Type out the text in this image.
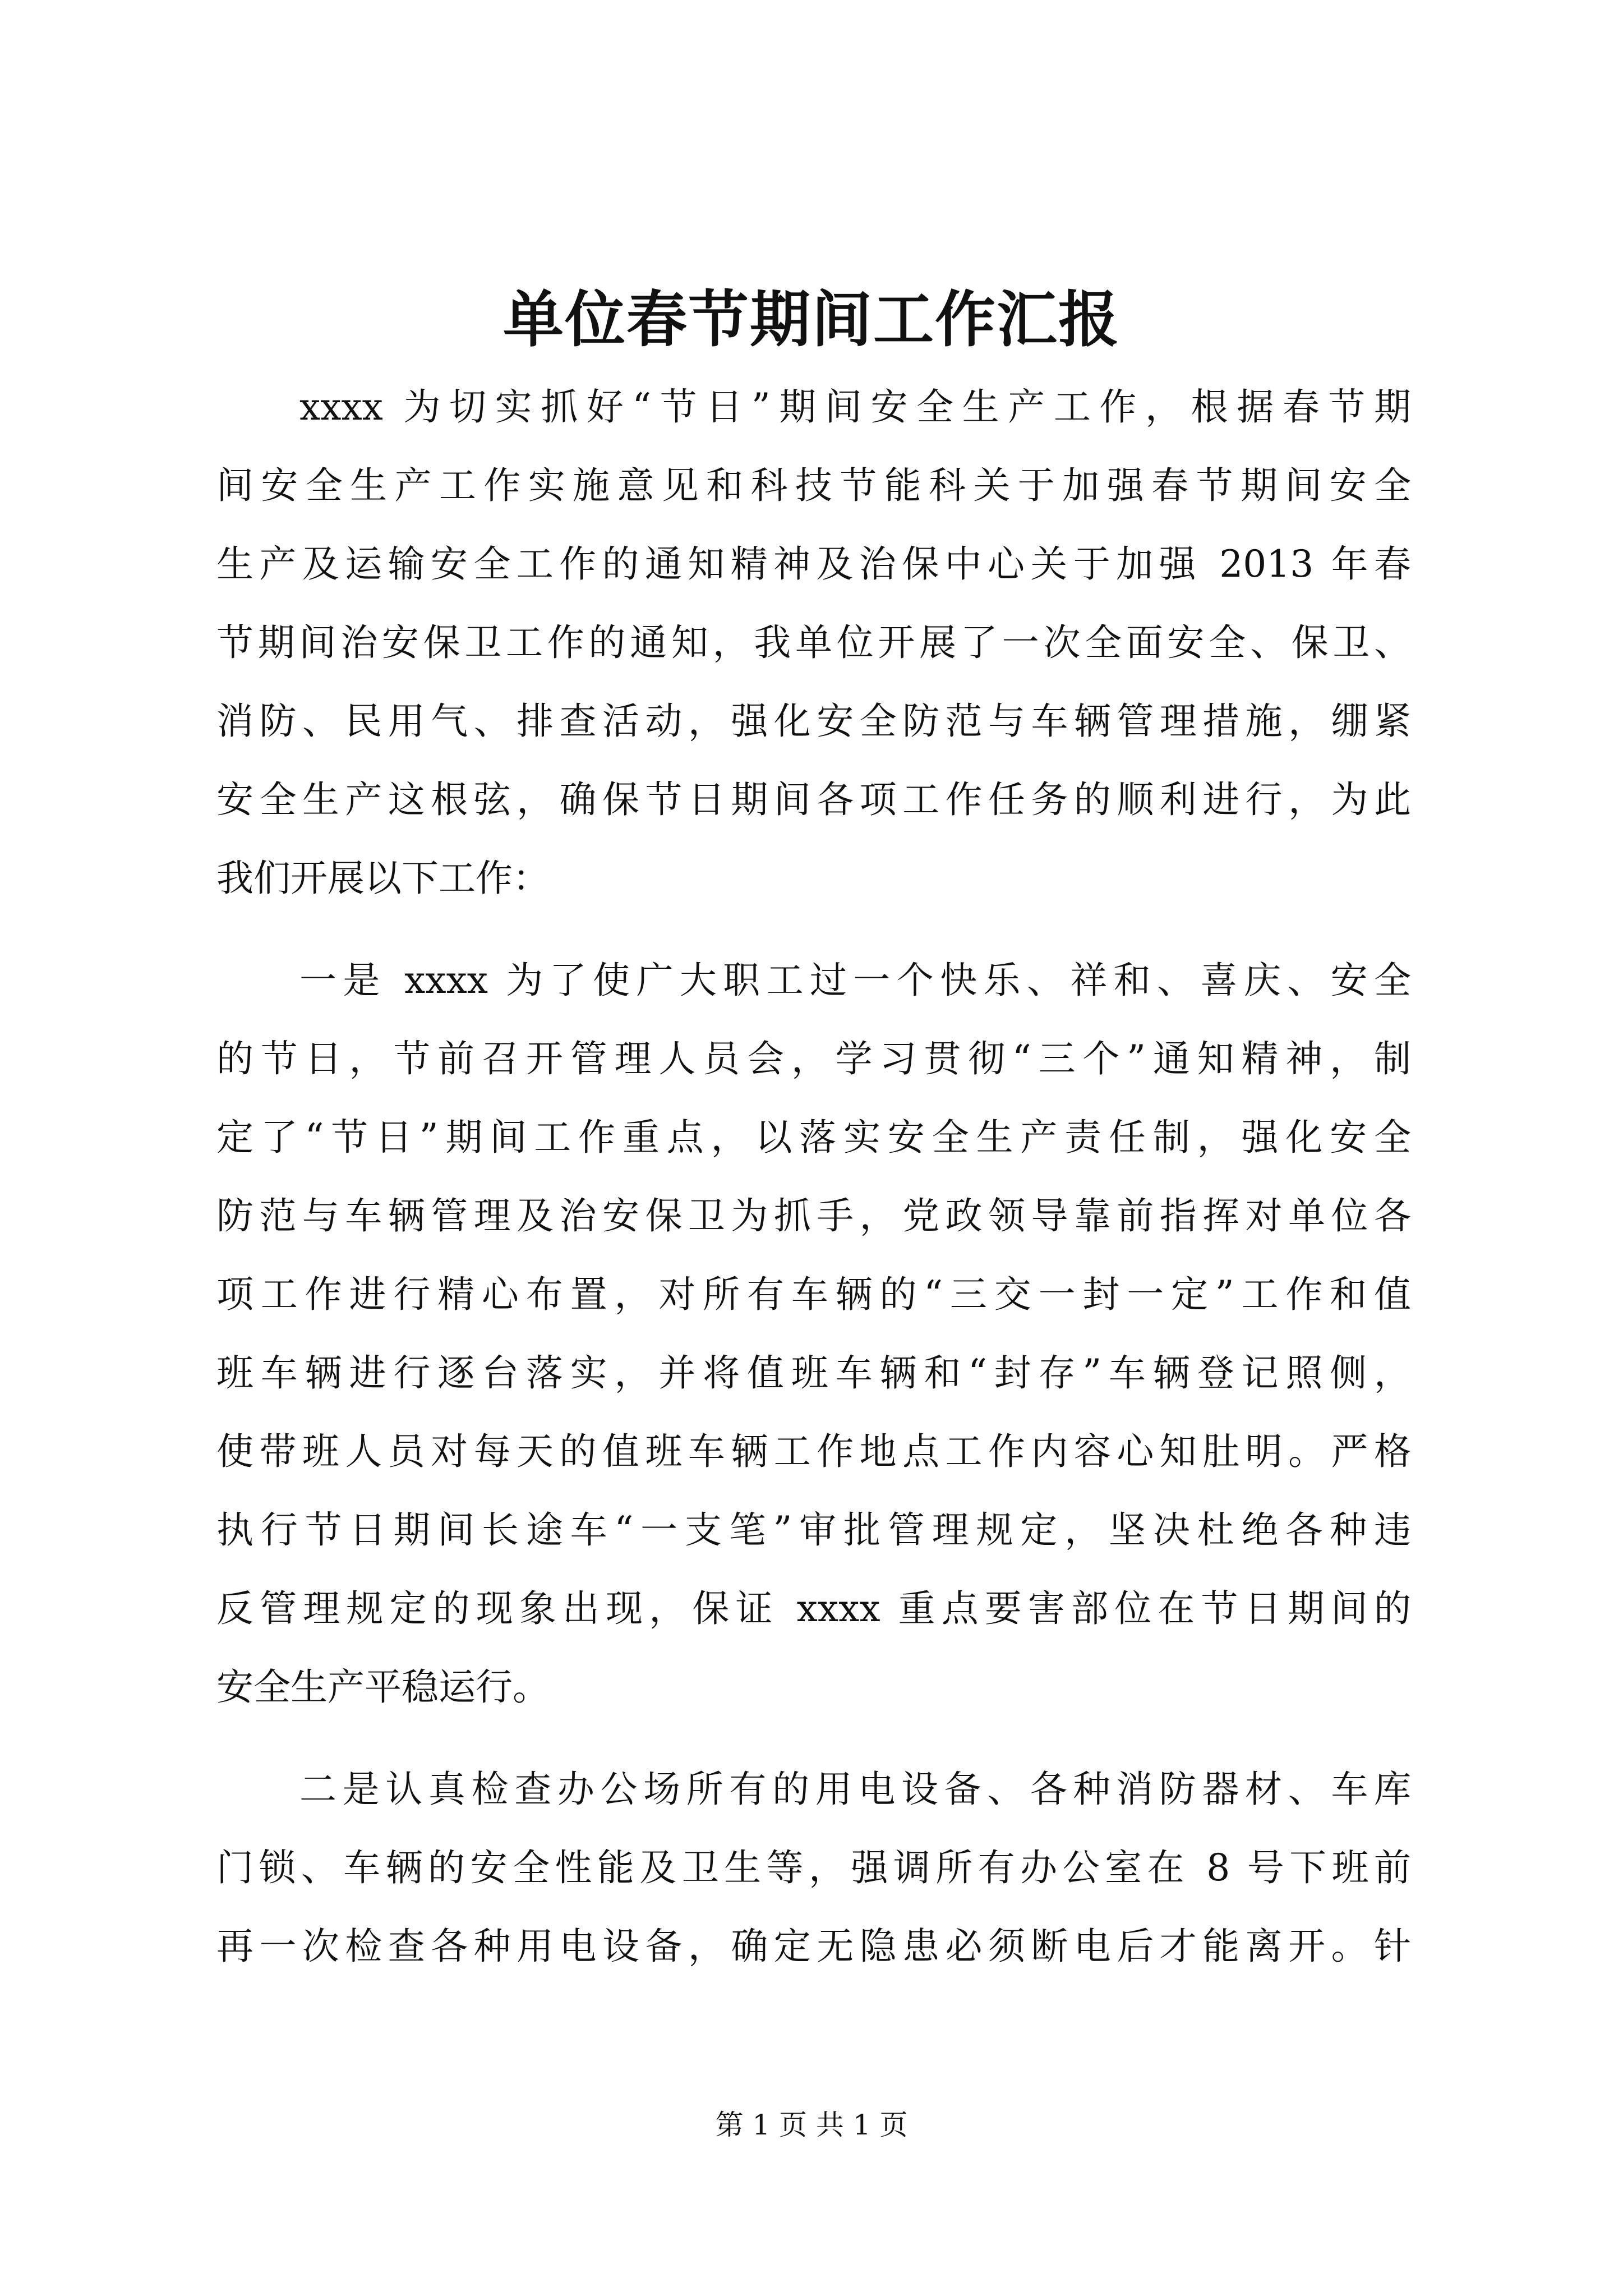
单位春节期间工作汇报
xxxx 为切实抓好“节日”期间安全生产工作，根据春节期
间安全生产工作实施意见和科技节能科关于加强春节期间安全
生产及运输安全工作的通知精神及治保中心关于加强 2013 年春
节期间治安保卫工作的通知，我单位开展了一次全面安全、保卫、
消防、民用气、排查活动，强化安全防范与车辆管理措施，绷紧
安全生产这根弦，确保节日期间各项工作任务的顺利进行，为此
我们开展以下工作：
一是 xxxx 为了使广大职工过一个快乐、祥和、喜庆、安全
的节日，节前召开管理人员会，学习贯彻“三个”通知精神，制
定了“节日”期间工作重点，以落实安全生产责任制，强化安全
防范与车辆管理及治安保卫为抓手，党政领导靠前指挥对单位各
项工作进行精心布置，对所有车辆的“三交一封一定”工作和值
班车辆进行逐台落实，并将值班车辆和“封存”车辆登记照侧，
使带班人员对每天的值班车辆工作地点工作内容心知肚明。严格
执行节日期间长途车“一支笔”审批管理规定，坚决杜绝各种违
反管理规定的现象出现，保证 xxxx 重点要害部位在节日期间的
安全生产平稳运行。
二是认真检查办公场所有的用电设备、各种消防器材、车库
门锁、车辆的安全性能及卫生等，强调所有办公室在 8 号下班前
再一次检查各种用电设备，确定无隐患必须断电后才能离开。针
第 1 页 共 1 页
